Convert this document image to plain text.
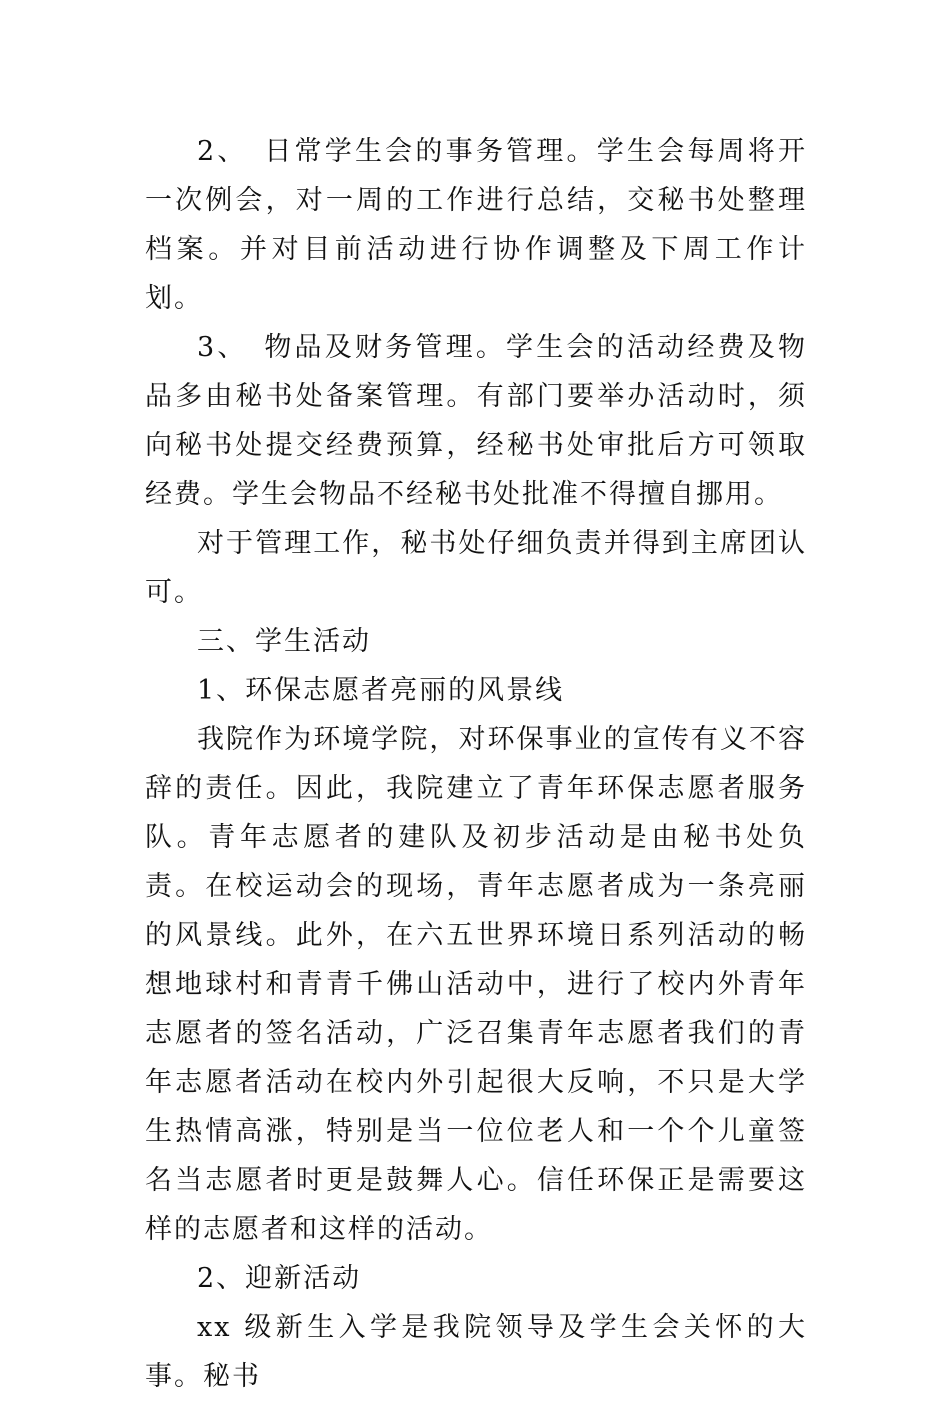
2、　日常学生会的事务管理。学生会每周将开一次例会，对一周的工作进行总结，交秘书处整理档案。并对目前活动进行协作调整及下周工作计划。

3、　物品及财务管理。学生会的活动经费及物品多由秘书处备案管理。有部门要举办活动时，须向秘书处提交经费预算，经秘书处审批后方可领取经费。学生会物品不经秘书处批准不得擅自挪用。

对于管理工作，秘书处仔细负责并得到主席团认可。

三、学生活动

1、环保志愿者亮丽的风景线

我院作为环境学院，对环保事业的宣传有义不容辞的责任。因此，我院建立了青年环保志愿者服务队。青年志愿者的建队及初步活动是由秘书处负责。在校运动会的现场，青年志愿者成为一条亮丽的风景线。此外，在六五世界环境日系列活动的畅想地球村和青青千佛山活动中，进行了校内外青年志愿者的签名活动，广泛召集青年志愿者我们的青年志愿者活动在校内外引起很大反响，不只是大学生热情高涨，特别是当一位位老人和一个个儿童签名当志愿者时更是鼓舞人心。信任环保正是需要这样的志愿者和这样的活动。

2、迎新活动

xx 级新生入学是我院领导及学生会关怀的大事。秘书
